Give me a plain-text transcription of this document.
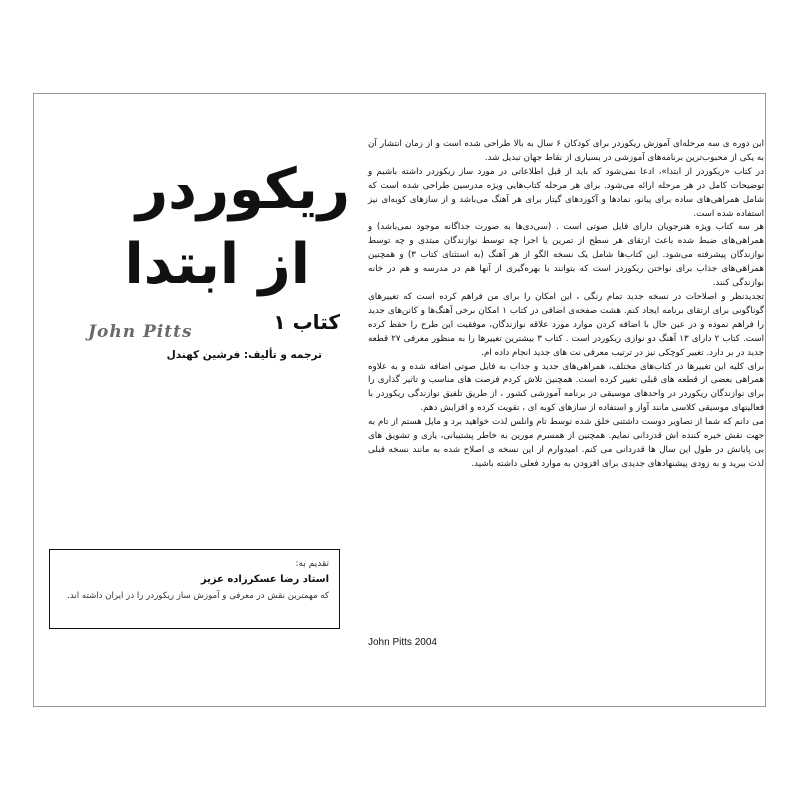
ریکوردر
از ابتدا
John Pitts	کتاب ۱
ترجمه و تألیف: فرشین کهندل
تقدیم به:
استاد رضا عسکرزاده عزیز
که مهمترین نقش در معرفی و آموزش ساز ریکوردر را در ایران داشته اند.

این دوره ی سه مرحله‌ای آموزش ریکوردر برای کودکان ۶ سال به بالا طراحی شده است و از زمان انتشار آن به یکی از محبوب‌ترین برنامه‌های آموزشی در بسیاری از نقاط جهان تبدیل شد.

در کتاب «ریکوردر از ابتدا»، ادعا نمی‌شود که باید از قبل اطلاعاتی در مورد ساز ریکوردر داشته باشیم و توضیحات کامل در هر مرحله ارائه می‌شود. برای هر مرحله کتاب‌هایی ویژه مدرسین طراحی شده است که شامل همراهی‌های ساده برای پیانو، نماد‌ها و آکوردهای گیتار برای هر آهنگ می‌باشد و از سازهای کوبه‌ای نیز استفاده شده است.

هر سه کتاب ویژه هنرجویان دارای فایل صوتی است . (سی‌دی‌ها به صورت جداگانه موجود نمی‌باشد) و همراهی‌های ضبط شده باعث ارتقای هر سطح از تمرین یا اجرا چه توسط نوازندگان مبتدی و چه توسط نوازندگان پیشرفته می‌شود. این کتاب‌ها شامل یک نسخه الگو از هر آهنگ (به استثنای کتاب ۳) و همچنین همراهی‌های جذاب برای نواختن ریکوردر است که بتوانند با بهره‌گیری از آنها هم در مدرسه و هم در خانه نوازندگی کنند.

تجدیدنظر و اصلاحات در نسخه جدید تمام رنگی ، این امکان را برای من فراهم کرده است که تغییرهای گوناگونی برای ارتقای برنامه ایجاد کنم. هشت صفحه‌ی اضافی در کتاب ۱ امکان برخی آهنگ‌ها و کانن‌های جدید را فراهم نموده و در عین حال با اضافه کردن موارد مورد علاقه نوازندگان، موفقیت این طرح را حفظ کرده است. کتاب ۲ دارای ۱۳ آهنگ دو نوازی ریکوردر است . کتاب ۳ بیشترین تغییرها را به منظور معرفی ۲۷ قطعه جدید در بر دارد. تغییر کوچکی نیز در ترتیب معرفی نت های جدید انجام داده ام.

برای کلیه این تغییرها در کتاب‌های مختلف، همراهی‌های جدید و جذاب به فایل صوتی اضافه شده و به علاوه همراهی بعضی از قطعه های قبلی تغییر کرده است. همچنین تلاش کردم فرصت های مناسب و تاثیر گذاری را برای نوازندگان ریکوردر در واحدهای موسیقی در برنامه آموزشی کشور ، از طریق تلفیق نوازندگی ریکوردر با فعالیتهای موسیقی کلاسی مانند آواز و استفاده از سازهای کوبه ای ، تقویت کرده و افزایش دهم.

می دانم که شما از تصاویر دوست داشتنی خلق شده توسط تام وانلس لذت خواهید برد و مایل هستم از تام به جهت نقش خیره کننده اش قدردانی نمایم. همچنین از همسرم مورین به خاطر پشتیبانی، یاری و تشویق های بی پایانش در طول این سال ها قدردانی می کنم. امیدوارم از این نسخه ی اصلاح شده به مانند نسخه قبلی لذت ببرید و به زودی پیشنهادهای جدیدی برای افزودن به موارد فعلی داشته باشید.

John Pitts 2004
